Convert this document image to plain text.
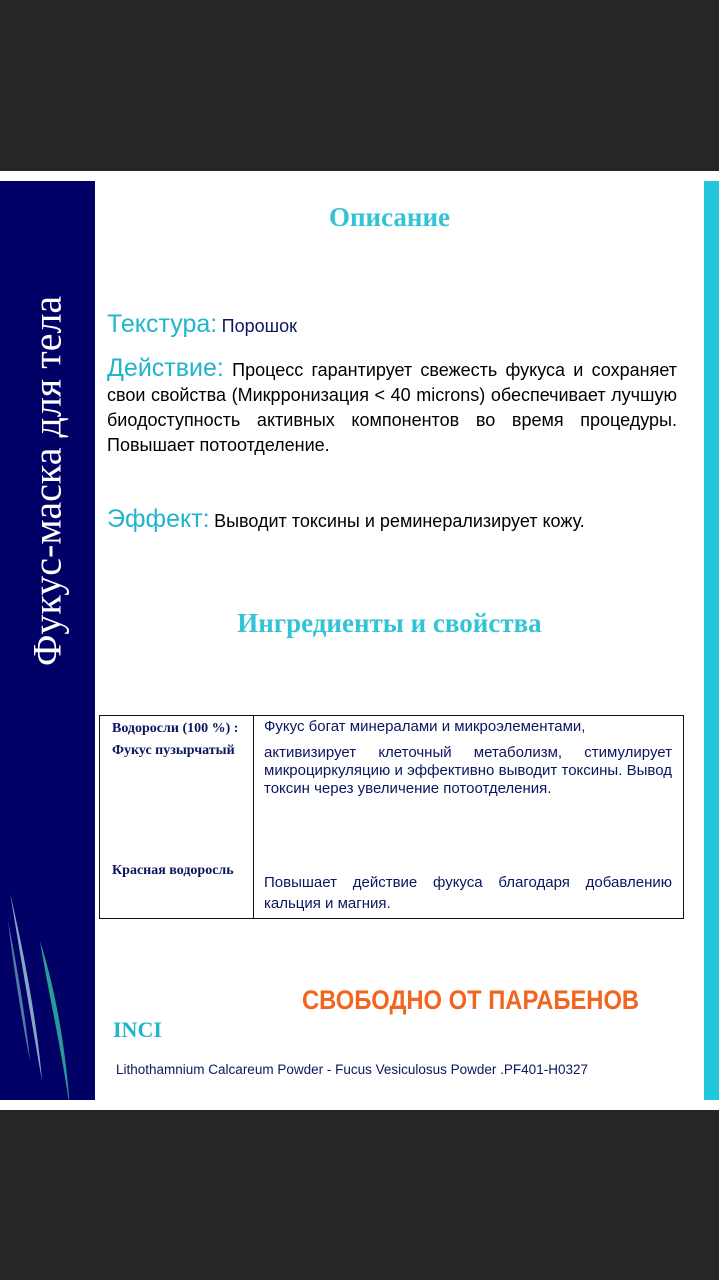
Фукус-маска для тела
Описание
Текстура: Порошок
Действие: Процесс гарантирует свежесть фукуса и сохраняет свои свойства (Микрронизация < 40 microns) обеспечивает лучшую биодоступность активных компонентов во время процедуры. Повышает потоотделение.
Эффект: Выводит токсины и реминерализирует кожу.
Ингредиенты и свойства
Водоросли (100 %) : Фукус пузырчатый
Фукус богат минералами и микроэлементами,
активизирует клеточный метаболизм, стимулирует микроциркуляцию и эффективно выводит токсины. Вывод токсин через увеличение потоотделения.
Красная водоросль
Повышает действие фукуса благодаря добавлению кальция и магния.
СВОБОДНО ОТ ПАРАБЕНОВ
INCI
Lithothamnium Calcareum Powder - Fucus Vesiculosus Powder .PF401-H0327
